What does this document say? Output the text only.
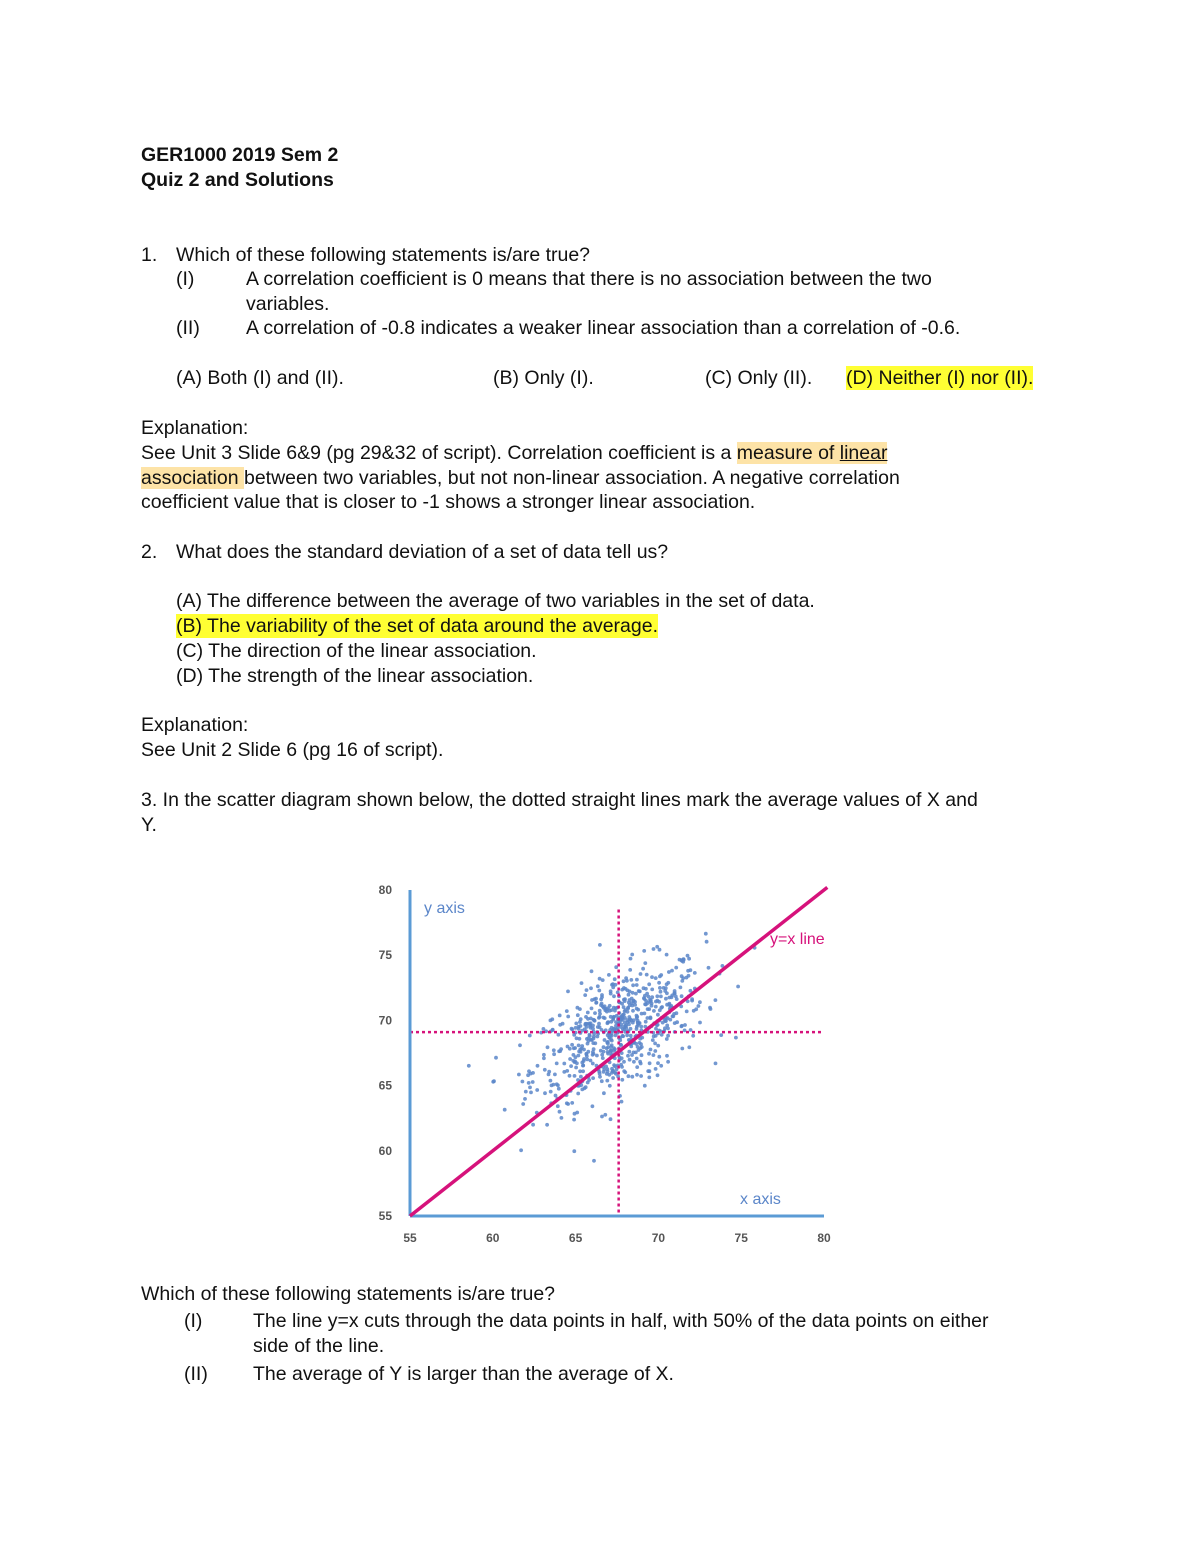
GER1000 2019 Sem 2
Quiz 2 and Solutions
1. Which of these following statements is/are true?
(I)	A correlation coefficient is 0 means that there is no association between the two
variables.
(II) A correlation of -0.8 indicates a weaker linear association than a correlation of -0.6.
(A) Both (I) and (II).	(B) Only (I).	(C) Only (II). (D) Neither (I) nor (II).
Explanation:
See Unit 3 Slide 6&9 (pg 29&32 of script). Correlation coefficient is a measure of linear
association between two variables, but not non-linear association. A negative correlation
coefficient value that is closer to -1 shows a stronger linear association.
2. What does the standard deviation of a set of data tell us?
(A) The difference between the average of two variables in the set of data.
(B) The variability of the set of data around the average.
(C) The direction of the linear association.
(D) The strength of the linear association.
Explanation:
See Unit 2 Slide 6 (pg 16 of script).
3. In the scatter diagram shown below, the dotted straight lines mark the average values of X and
Y.
55	60	65	70	75	80
55
60
65
70
75
80
y axis
x axis
y=x line
Which of these following statements is/are true?
(I)	The line y=x cuts through the data points in half, with 50% of the data points on either
side of the line.
(II) The average of Y is larger than the average of X.
